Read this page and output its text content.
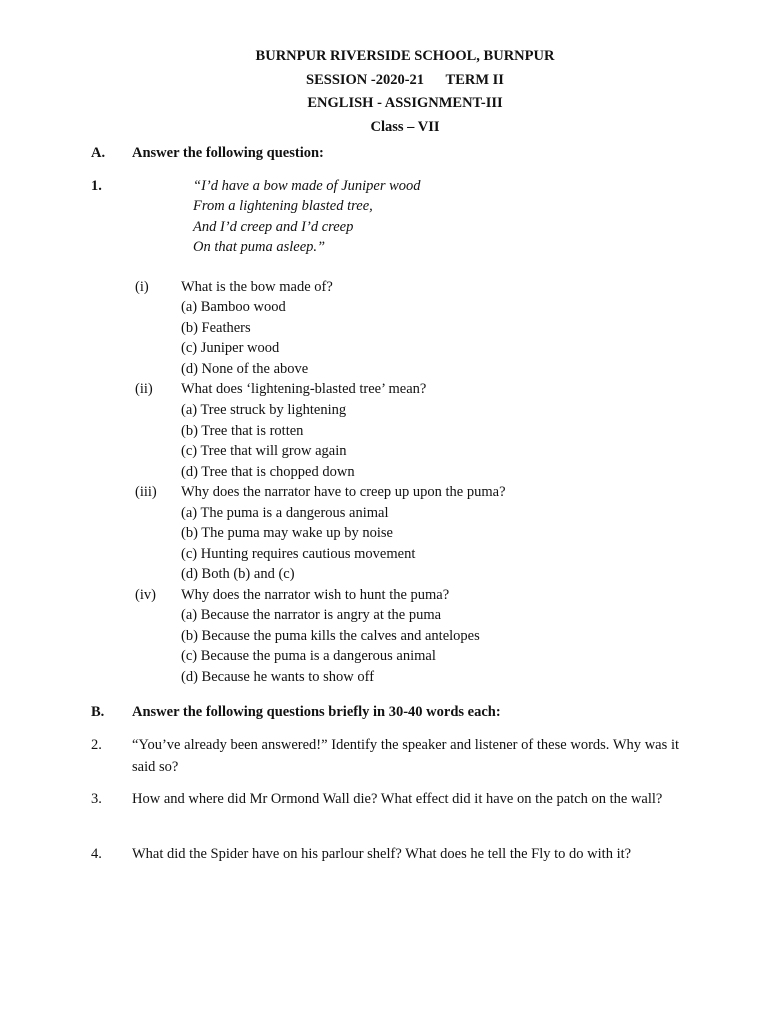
BURNPUR RIVERSIDE SCHOOL, BURNPUR
SESSION -2020-21      TERM II
ENGLISH - ASSIGNMENT-III
Class – VII
A. Answer the following question:
1.	“I’d have a bow made of Juniper wood
From a lightening blasted tree,
And I’d creep and I’d creep
On that puma asleep.”
(i) What is the bow made of?
(a) Bamboo wood
(b) Feathers
(c) Juniper wood
(d) None of the above
(ii) What does ‘lightening-blasted tree’ mean?
(a) Tree struck by lightening
(b) Tree that is rotten
(c) Tree that will grow again
(d) Tree that is chopped down
(iii) Why does the narrator have to creep up upon the puma?
(a) The puma is a dangerous animal
(b) The puma may wake up by noise
(c) Hunting requires cautious movement
(d) Both (b) and (c)
(iv) Why does the narrator wish to hunt the puma?
(a) Because the narrator is angry at the puma
(b) Because the puma kills the calves and antelopes
(c) Because the puma is a dangerous animal
(d) Because he wants to show off
B. Answer the following questions briefly in 30-40 words each:
2. “You’ve already been answered!” Identify the speaker and listener of these words. Why was it said so?
3. How and where did Mr Ormond Wall die? What effect did it have on the patch on the wall?
4. What did the Spider have on his parlour shelf? What does he tell the Fly to do with it?
